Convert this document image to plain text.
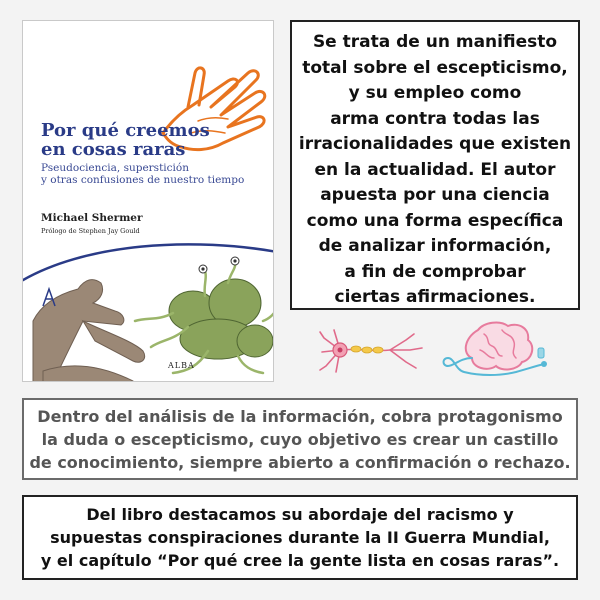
Por qué creemos
en cosas raras
Pseudociencia, superstición
y otras confusiones de nuestro tiempo
Michael Shermer
Prólogo de Stephen Jay Gould
ALBA
Se trata de un manifiesto
total sobre el escepticismo,
y su empleo como
arma contra todas las
irracionalidades que existen
en la actualidad. El autor
apuesta por una ciencia
como una forma específica
de analizar información,
a fin de comprobar
ciertas afirmaciones.
Dentro del análisis de la información, cobra protagonismo
la duda o escepticismo, cuyo objetivo es crear un castillo
de conocimiento, siempre abierto a confirmación o rechazo.
Del libro destacamos su abordaje del racismo y
supuestas conspiraciones durante la II Guerra Mundial,
y el capítulo “Por qué cree la gente lista en cosas raras”.
